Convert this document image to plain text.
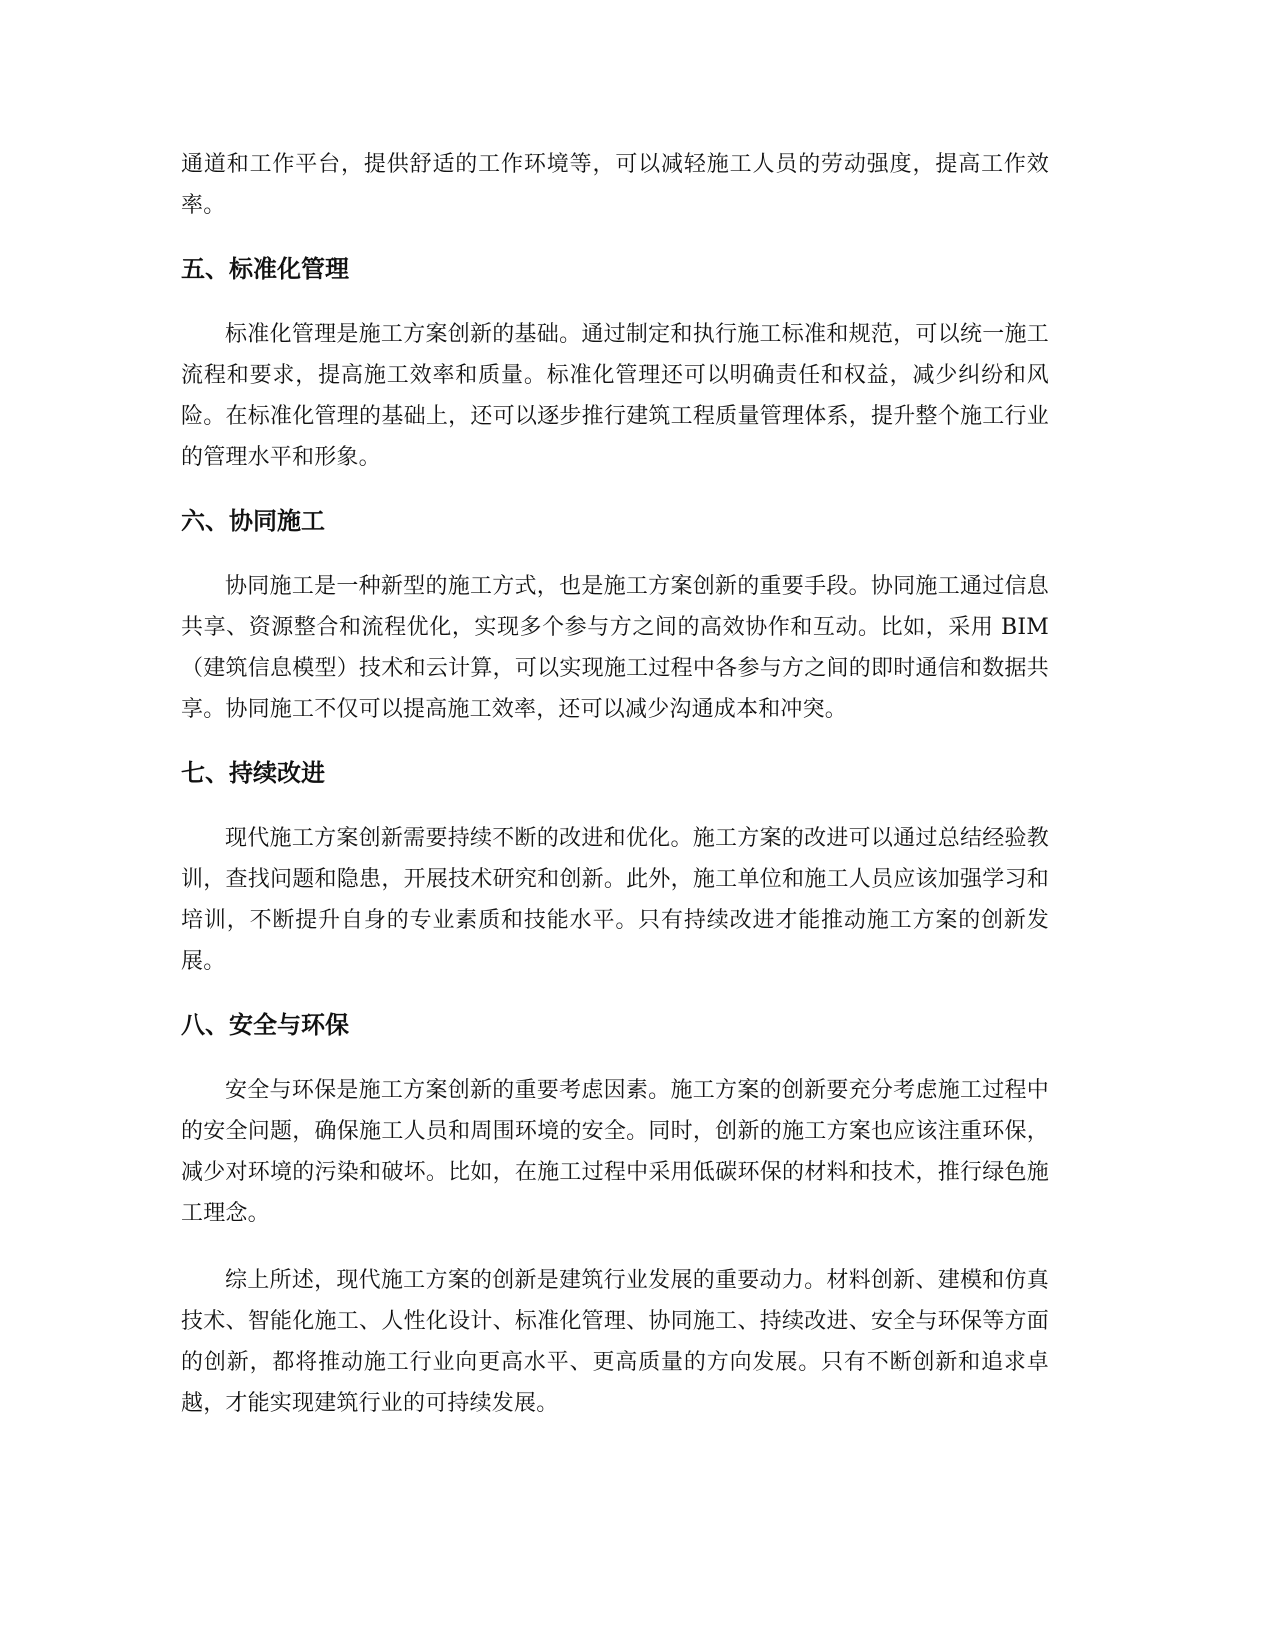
通道和工作平台，提供舒适的工作环境等，可以减轻施工人员的劳动强度，提高工作效率。

五、标准化管理

标准化管理是施工方案创新的基础。通过制定和执行施工标准和规范，可以统一施工流程和要求，提高施工效率和质量。标准化管理还可以明确责任和权益，减少纠纷和风险。在标准化管理的基础上，还可以逐步推行建筑工程质量管理体系，提升整个施工行业的管理水平和形象。

六、协同施工

协同施工是一种新型的施工方式，也是施工方案创新的重要手段。协同施工通过信息共享、资源整合和流程优化，实现多个参与方之间的高效协作和互动。比如，采用 BIM（建筑信息模型）技术和云计算，可以实现施工过程中各参与方之间的即时通信和数据共享。协同施工不仅可以提高施工效率，还可以减少沟通成本和冲突。

七、持续改进

现代施工方案创新需要持续不断的改进和优化。施工方案的改进可以通过总结经验教训，查找问题和隐患，开展技术研究和创新。此外，施工单位和施工人员应该加强学习和培训，不断提升自身的专业素质和技能水平。只有持续改进才能推动施工方案的创新发展。

八、安全与环保

安全与环保是施工方案创新的重要考虑因素。施工方案的创新要充分考虑施工过程中的安全问题，确保施工人员和周围环境的安全。同时，创新的施工方案也应该注重环保，减少对环境的污染和破坏。比如，在施工过程中采用低碳环保的材料和技术，推行绿色施工理念。

综上所述，现代施工方案的创新是建筑行业发展的重要动力。材料创新、建模和仿真技术、智能化施工、人性化设计、标准化管理、协同施工、持续改进、安全与环保等方面的创新，都将推动施工行业向更高水平、更高质量的方向发展。只有不断创新和追求卓越，才能实现建筑行业的可持续发展。
